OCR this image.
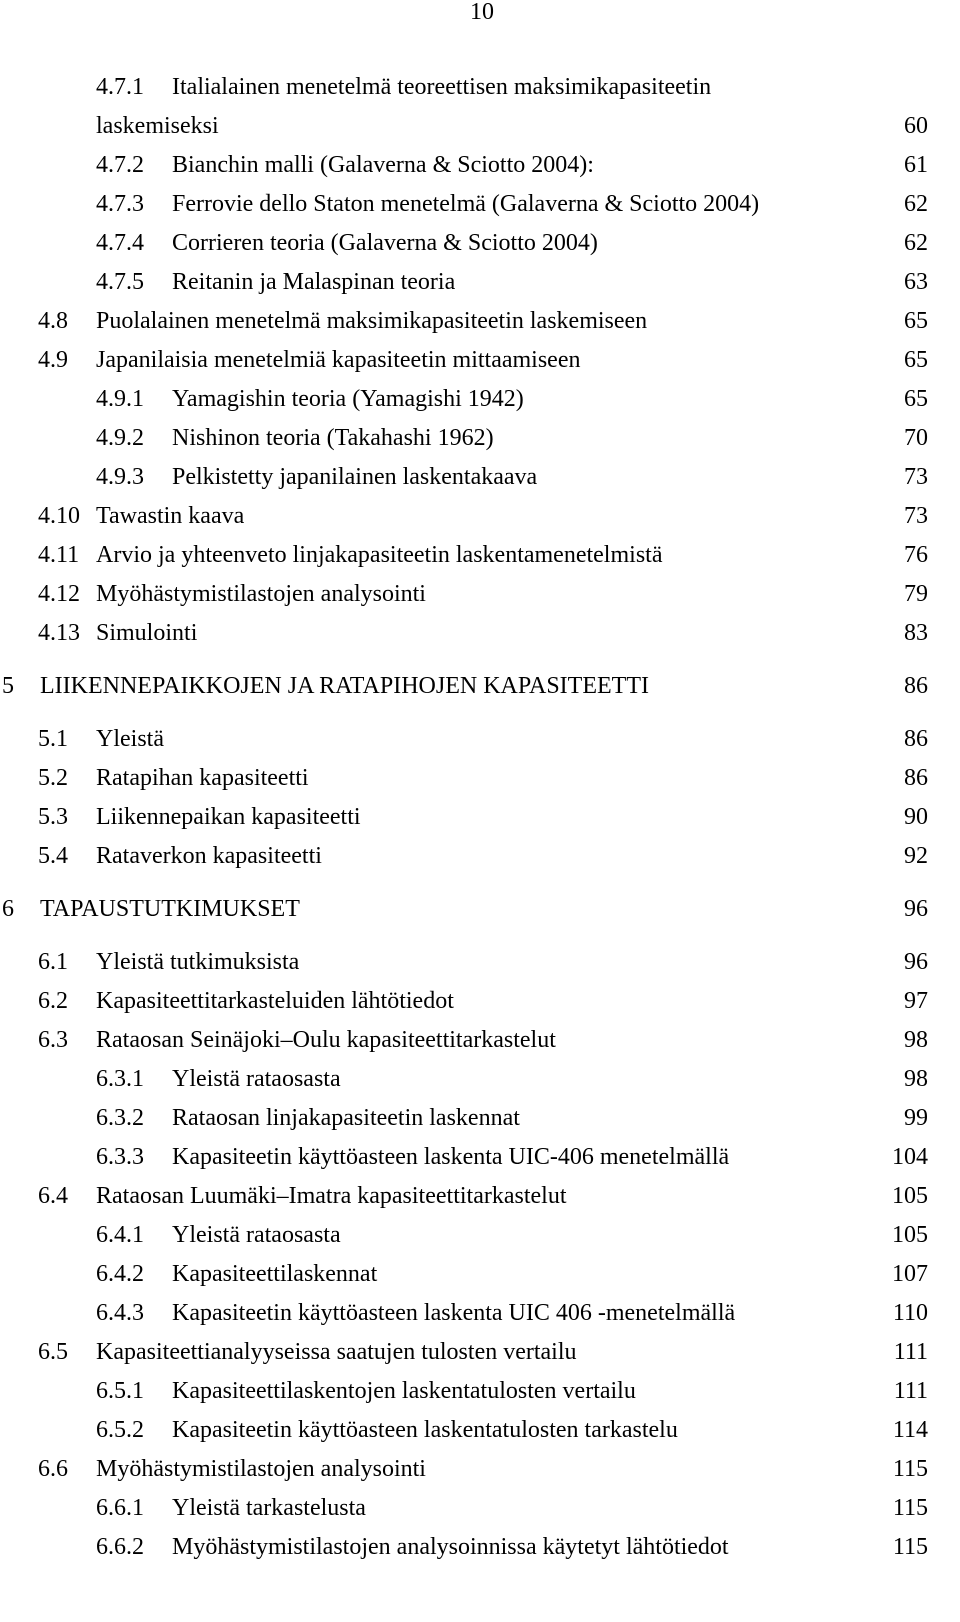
10
4.7.1 Italialainen menetelmä teoreettisen maksimikapasiteetin
laskemiseksi	60
4.7.2 Bianchin malli (Galaverna & Sciotto 2004):	61
4.7.3 Ferrovie dello Staton menetelmä (Galaverna & Sciotto 2004)	62
4.7.4 Corrieren teoria (Galaverna & Sciotto 2004)	62
4.7.5 Reitanin ja Malaspinan teoria	63
4.8 Puolalainen menetelmä maksimikapasiteetin laskemiseen	65
4.9 Japanilaisia menetelmiä kapasiteetin mittaamiseen	65
4.9.1 Yamagishin teoria (Yamagishi 1942)	65
4.9.2 Nishinon teoria (Takahashi 1962)	70
4.9.3 Pelkistetty japanilainen laskentakaava	73
4.10 Tawastin kaava	73
4.11 Arvio ja yhteenveto linjakapasiteetin laskentamenetelmistä	76
4.12 Myöhästymistilastojen analysointi	79
4.13 Simulointi	83
5 LIIKENNEPAIKKOJEN JA RATAPIHOJEN KAPASITEETTI	86
5.1 Yleistä	86
5.2 Ratapihan kapasiteetti	86
5.3 Liikennepaikan kapasiteetti	90
5.4 Rataverkon kapasiteetti	92
6 TAPAUSTUTKIMUKSET	96
6.1 Yleistä tutkimuksista	96
6.2 Kapasiteettitarkasteluiden lähtötiedot	97
6.3 Rataosan Seinäjoki–Oulu kapasiteettitarkastelut	98
6.3.1 Yleistä rataosasta	98
6.3.2 Rataosan linjakapasiteetin laskennat	99
6.3.3 Kapasiteetin käyttöasteen laskenta UIC-406 menetelmällä	104
6.4 Rataosan Luumäki–Imatra kapasiteettitarkastelut	105
6.4.1 Yleistä rataosasta	105
6.4.2 Kapasiteettilaskennat	107
6.4.3 Kapasiteetin käyttöasteen laskenta UIC 406 -menetelmällä	110
6.5 Kapasiteettianalyyseissa saatujen tulosten vertailu	111
6.5.1 Kapasiteettilaskentojen laskentatulosten vertailu	111
6.5.2 Kapasiteetin käyttöasteen laskentatulosten tarkastelu	114
6.6 Myöhästymistilastojen analysointi	115
6.6.1 Yleistä tarkastelusta	115
6.6.2 Myöhästymistilastojen analysoinnissa käytetyt lähtötiedot	115
